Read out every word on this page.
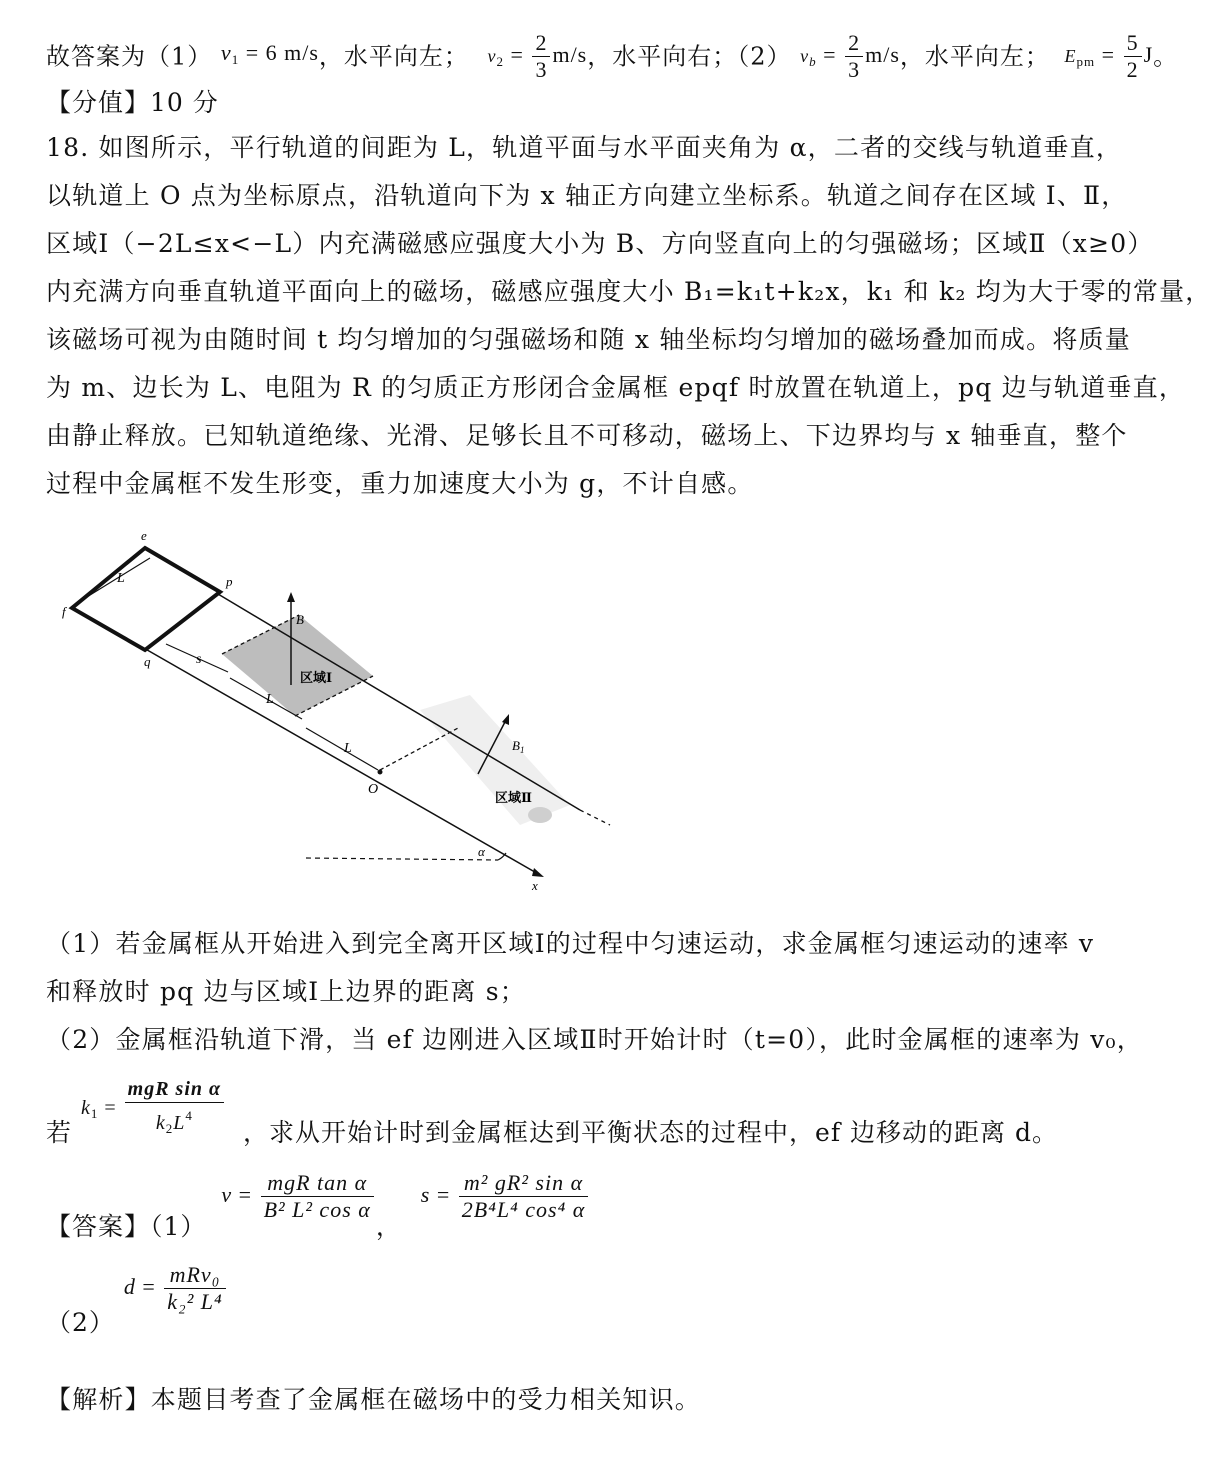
故答案为（1） $v_1 = 6$ m/s，水平向左； $v_2 = \frac{2}{3} m/s$，水平向右；（2） $v_b = \frac{2}{3} m/s$，水平向左； $E_{pm} = \frac{5}{2}$ J。
【分值】10 分
18. 如图所示，平行轨道的间距为 L，轨道平面与水平面夹角为 α，二者的交线与轨道垂直，
以轨道上 O 点为坐标原点，沿轨道向下为 x 轴正方向建立坐标系。轨道之间存在区域 Ⅰ、Ⅱ，
区域Ⅰ（−2L≤x<−L）内充满磁感应强度大小为 B、方向竖直向上的匀强磁场；区域Ⅱ（x≥0）
内充满方向垂直轨道平面向上的磁场，磁感应强度大小 B₁=k₁t+k₂x，k₁ 和 k₂ 均为大于零的常量，
该磁场可视为由随时间 t 均匀增加的匀强磁场和随 x 轴坐标均匀增加的磁场叠加而成。将质量
为 m、边长为 L、电阻为 R 的匀质正方形闭合金属框 epqf 时放置在轨道上，pq 边与轨道垂直，
由静止释放。已知轨道绝缘、光滑、足够长且不可移动，磁场上、下边界均与 x 轴垂直，整个
过程中金属框不发生形变，重力加速度大小为 g，不计自感。
L
s
L
L
B
区域Ⅰ
$B_1$
区域Ⅱ
O
α
x
e
p
f
q
（1）若金属框从开始进入到完全离开区域Ⅰ的过程中匀速运动，求金属框匀速运动的速率 v
和释放时 pq 边与区域Ⅰ上边界的距离 s；
（2）金属框沿轨道下滑，当 ef 边刚进入区域Ⅱ时开始计时（t=0），此时金属框的速率为 v₀，
若 $^{k_1 = \frac{\text{mgR sin α}}{k_2L^4}}$ ，求从开始计时到金属框达到平衡状态的过程中，ef 边移动的距离 d。
【答案】（1） $v = \frac{\text{mgR tan α}}{\text{B² L² cos α}}$
， $s = \frac{\text{m² gR² sin α}}{\text{2B⁴L⁴ cos⁴ α}}$
（2） $d = \frac{\text{mRv₀}}{\text{k₂² L⁴}}$
【解析】本题目考查了金属框在磁场中的受力相关知识。
